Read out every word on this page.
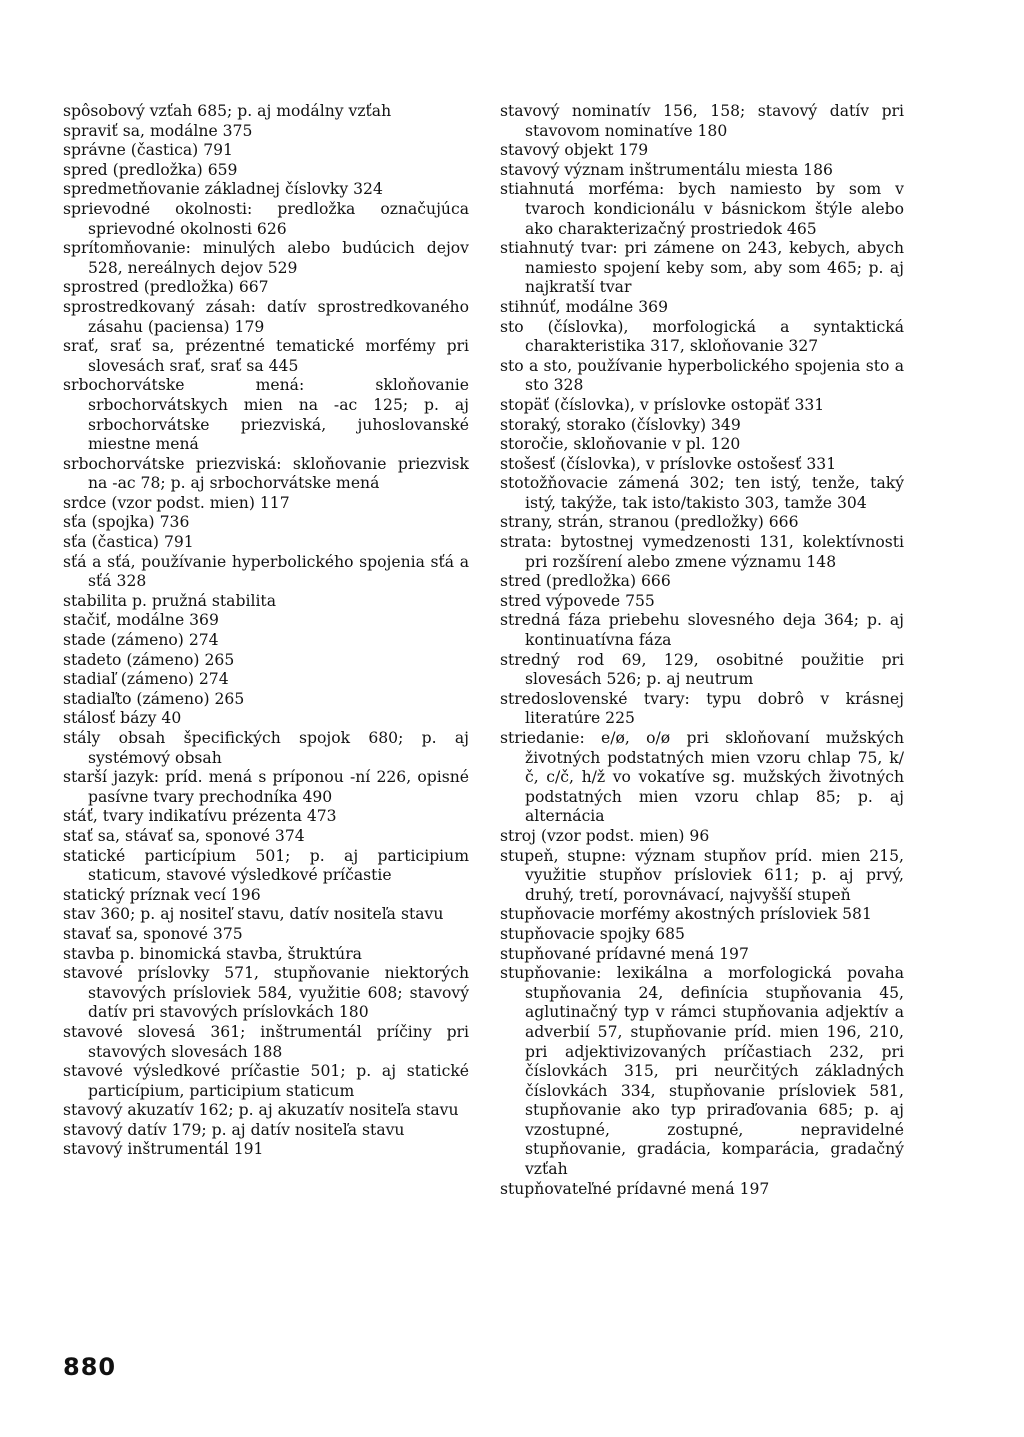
spôsobový vzťah 685; p. aj modálny vzťah

spraviť sa, modálne 375

správne (častica) 791

spred (predložka) 659

spredmetňovanie základnej číslovky 324

sprievodné okolnosti: predložka označujúca sprievodné okolnosti 626

sprítomňovanie: minulých alebo budúcich dejov 528, nereálnych dejov 529

sprostred (predložka) 667

sprostredkovaný zásah: datív sprostredkovaného zásahu (paciensa) 179

srať, srať sa, prézentné tematické morfémy pri slovesách srať, srať sa 445

srbochorvátske mená: skloňovanie srbochorvátskych mien na -ac 125; p. aj srbochorvátske priezviská, juhoslovanské miestne mená

srbochorvátske priezviská: skloňovanie priezvisk na -ac 78; p. aj srbochorvátske mená

srdce (vzor podst. mien) 117

sťa (spojka) 736

sťa (častica) 791

sťá a sťá, používanie hyperbolického spojenia sťá a sťá 328

stabilita p. pružná stabilita

stačiť, modálne 369

stade (zámeno) 274

stadeto (zámeno) 265

stadiaľ (zámeno) 274

stadiaľto (zámeno) 265

stálosť bázy 40

stály obsah špecifických spojok 680; p. aj systémový obsah

starší jazyk: príd. mená s príponou -ní 226, opisné pasívne tvary prechodníka 490

stáť, tvary indikatívu prézenta 473

stať sa, stávať sa, sponové 374

statické particípium 501; p. aj participium staticum, stavové výsledkové príčastie

statický príznak vecí 196

stav 360; p. aj nositeľ stavu, datív nositeľa stavu

stavať sa, sponové 375

stavba p. binomická stavba, štruktúra

stavové príslovky 571, stupňovanie niektorých stavových prísloviek 584, využitie 608; stavový datív pri stavových príslovkách 180

stavové slovesá 361; inštrumentál príčiny pri stavových slovesách 188

stavové výsledkové príčastie 501; p. aj statické particípium, participium staticum

stavový akuzatív 162; p. aj akuzatív nositeľa stavu

stavový datív 179; p. aj datív nositeľa stavu

stavový inštrumentál 191

stavový nominatív 156, 158; stavový datív pri stavovom nominatíve 180

stavový objekt 179

stavový význam inštrumentálu miesta 186

stiahnutá morféma: bych namiesto by som v tvaroch kondicionálu v básnickom štýle alebo ako charakterizačný prostriedok 465

stiahnutý tvar: pri zámene on 243, kebych, abych namiesto spojení keby som, aby som 465; p. aj najkratší tvar

stihnúť, modálne 369

sto (číslovka), morfologická a syntaktická charakteristika 317, skloňovanie 327

sto a sto, používanie hyperbolického spojenia sto a sto 328

stopäť (číslovka), v príslovke ostopäť 331

storaký, storako (číslovky) 349

storočie, skloňovanie v pl. 120

stošesť (číslovka), v príslovke ostošesť 331

stotožňovacie zámená 302; ten istý, tenže, taký istý, takýže, tak isto/takisto 303, tamže 304

strany, strán, stranou (predložky) 666

strata: bytostnej vymedzenosti 131, kolektívnosti pri rozšírení alebo zmene významu 148

stred (predložka) 666

stred výpovede 755

stredná fáza priebehu slovesného deja 364; p. aj kontinuatívna fáza

stredný rod 69, 129, osobitné použitie pri slovesách 526; p. aj neutrum

stredoslovenské tvary: typu dobrô v krásnej literatúre 225

striedanie: e/ø, o/ø pri skloňovaní mužských životných podstatných mien vzoru chlap 75, k/č, c/č, h/ž vo vokatíve sg. mužských životných podstatných mien vzoru chlap 85; p. aj alternácia

stroj (vzor podst. mien) 96

stupeň, stupne: význam stupňov príd. mien 215, využitie stupňov prísloviek 611; p. aj prvý, druhý, tretí, porovnávací, najvyšší stupeň

stupňovacie morfémy akostných prísloviek 581

stupňovacie spojky 685

stupňované prídavné mená 197

stupňovanie: lexikálna a morfologická povaha stupňovania 24, definícia stupňovania 45, aglutinačný typ v rámci stupňovania adjektív a adverbií 57, stupňovanie príd. mien 196, 210, pri adjektivizovaných príčastiach 232, pri číslovkách 315, pri neurčitých základných číslovkách 334, stupňovanie prísloviek 581, stupňovanie ako typ priraďovania 685; p. aj vzostupné, zostupné, nepravidelné stupňovanie, gradácia, komparácia, gradačný vzťah

stupňovateľné prídavné mená 197

880
